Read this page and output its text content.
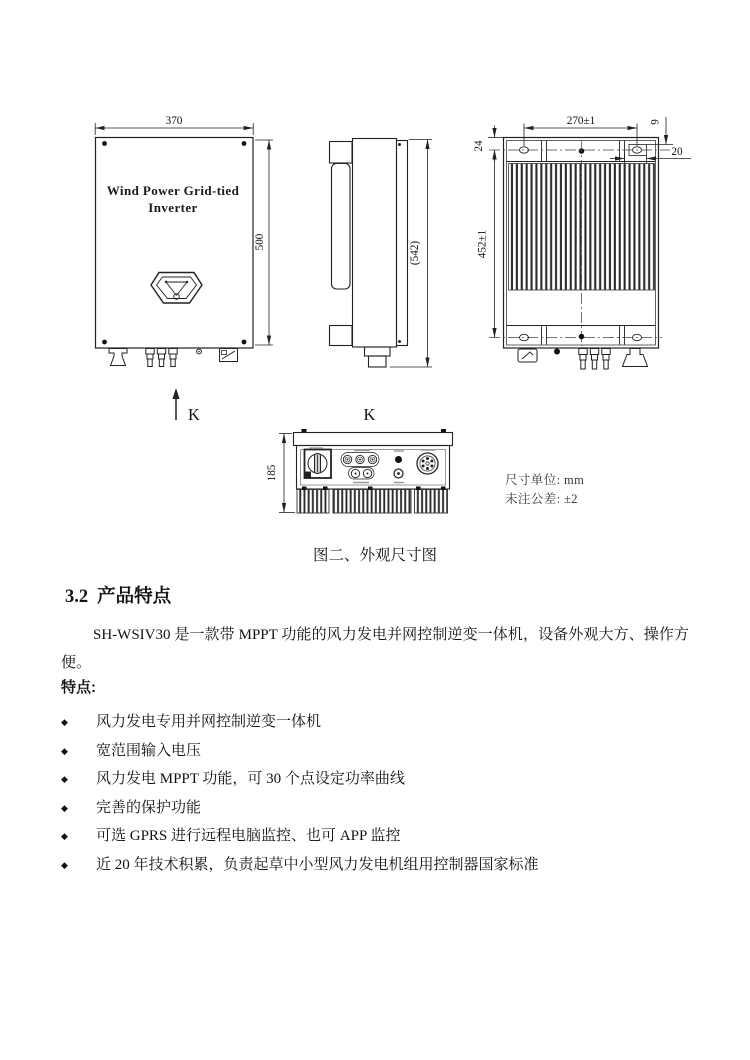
370
500	(542)
270±1
24
9
20
452±1
185
K	K
Wind Power Grid-tied
Inverter
尺寸单位: mm
未注公差: ±2
图二、外观尺寸图
3.2 产品特点

SH-WSIV30 是一款带 MPPT 功能的风力发电并网控制逆变一体机，设备外观大方、操作方便。

特点:

◆	风力发电专用并网控制逆变一体机
◆	宽范围输入电压
◆	风力发电 MPPT 功能，可 30 个点设定功率曲线
◆	完善的保护功能
◆	可选 GPRS 进行远程电脑监控、也可 APP 监控
◆	近 20 年技术积累，负责起草中小型风力发电机组用控制器国家标准
